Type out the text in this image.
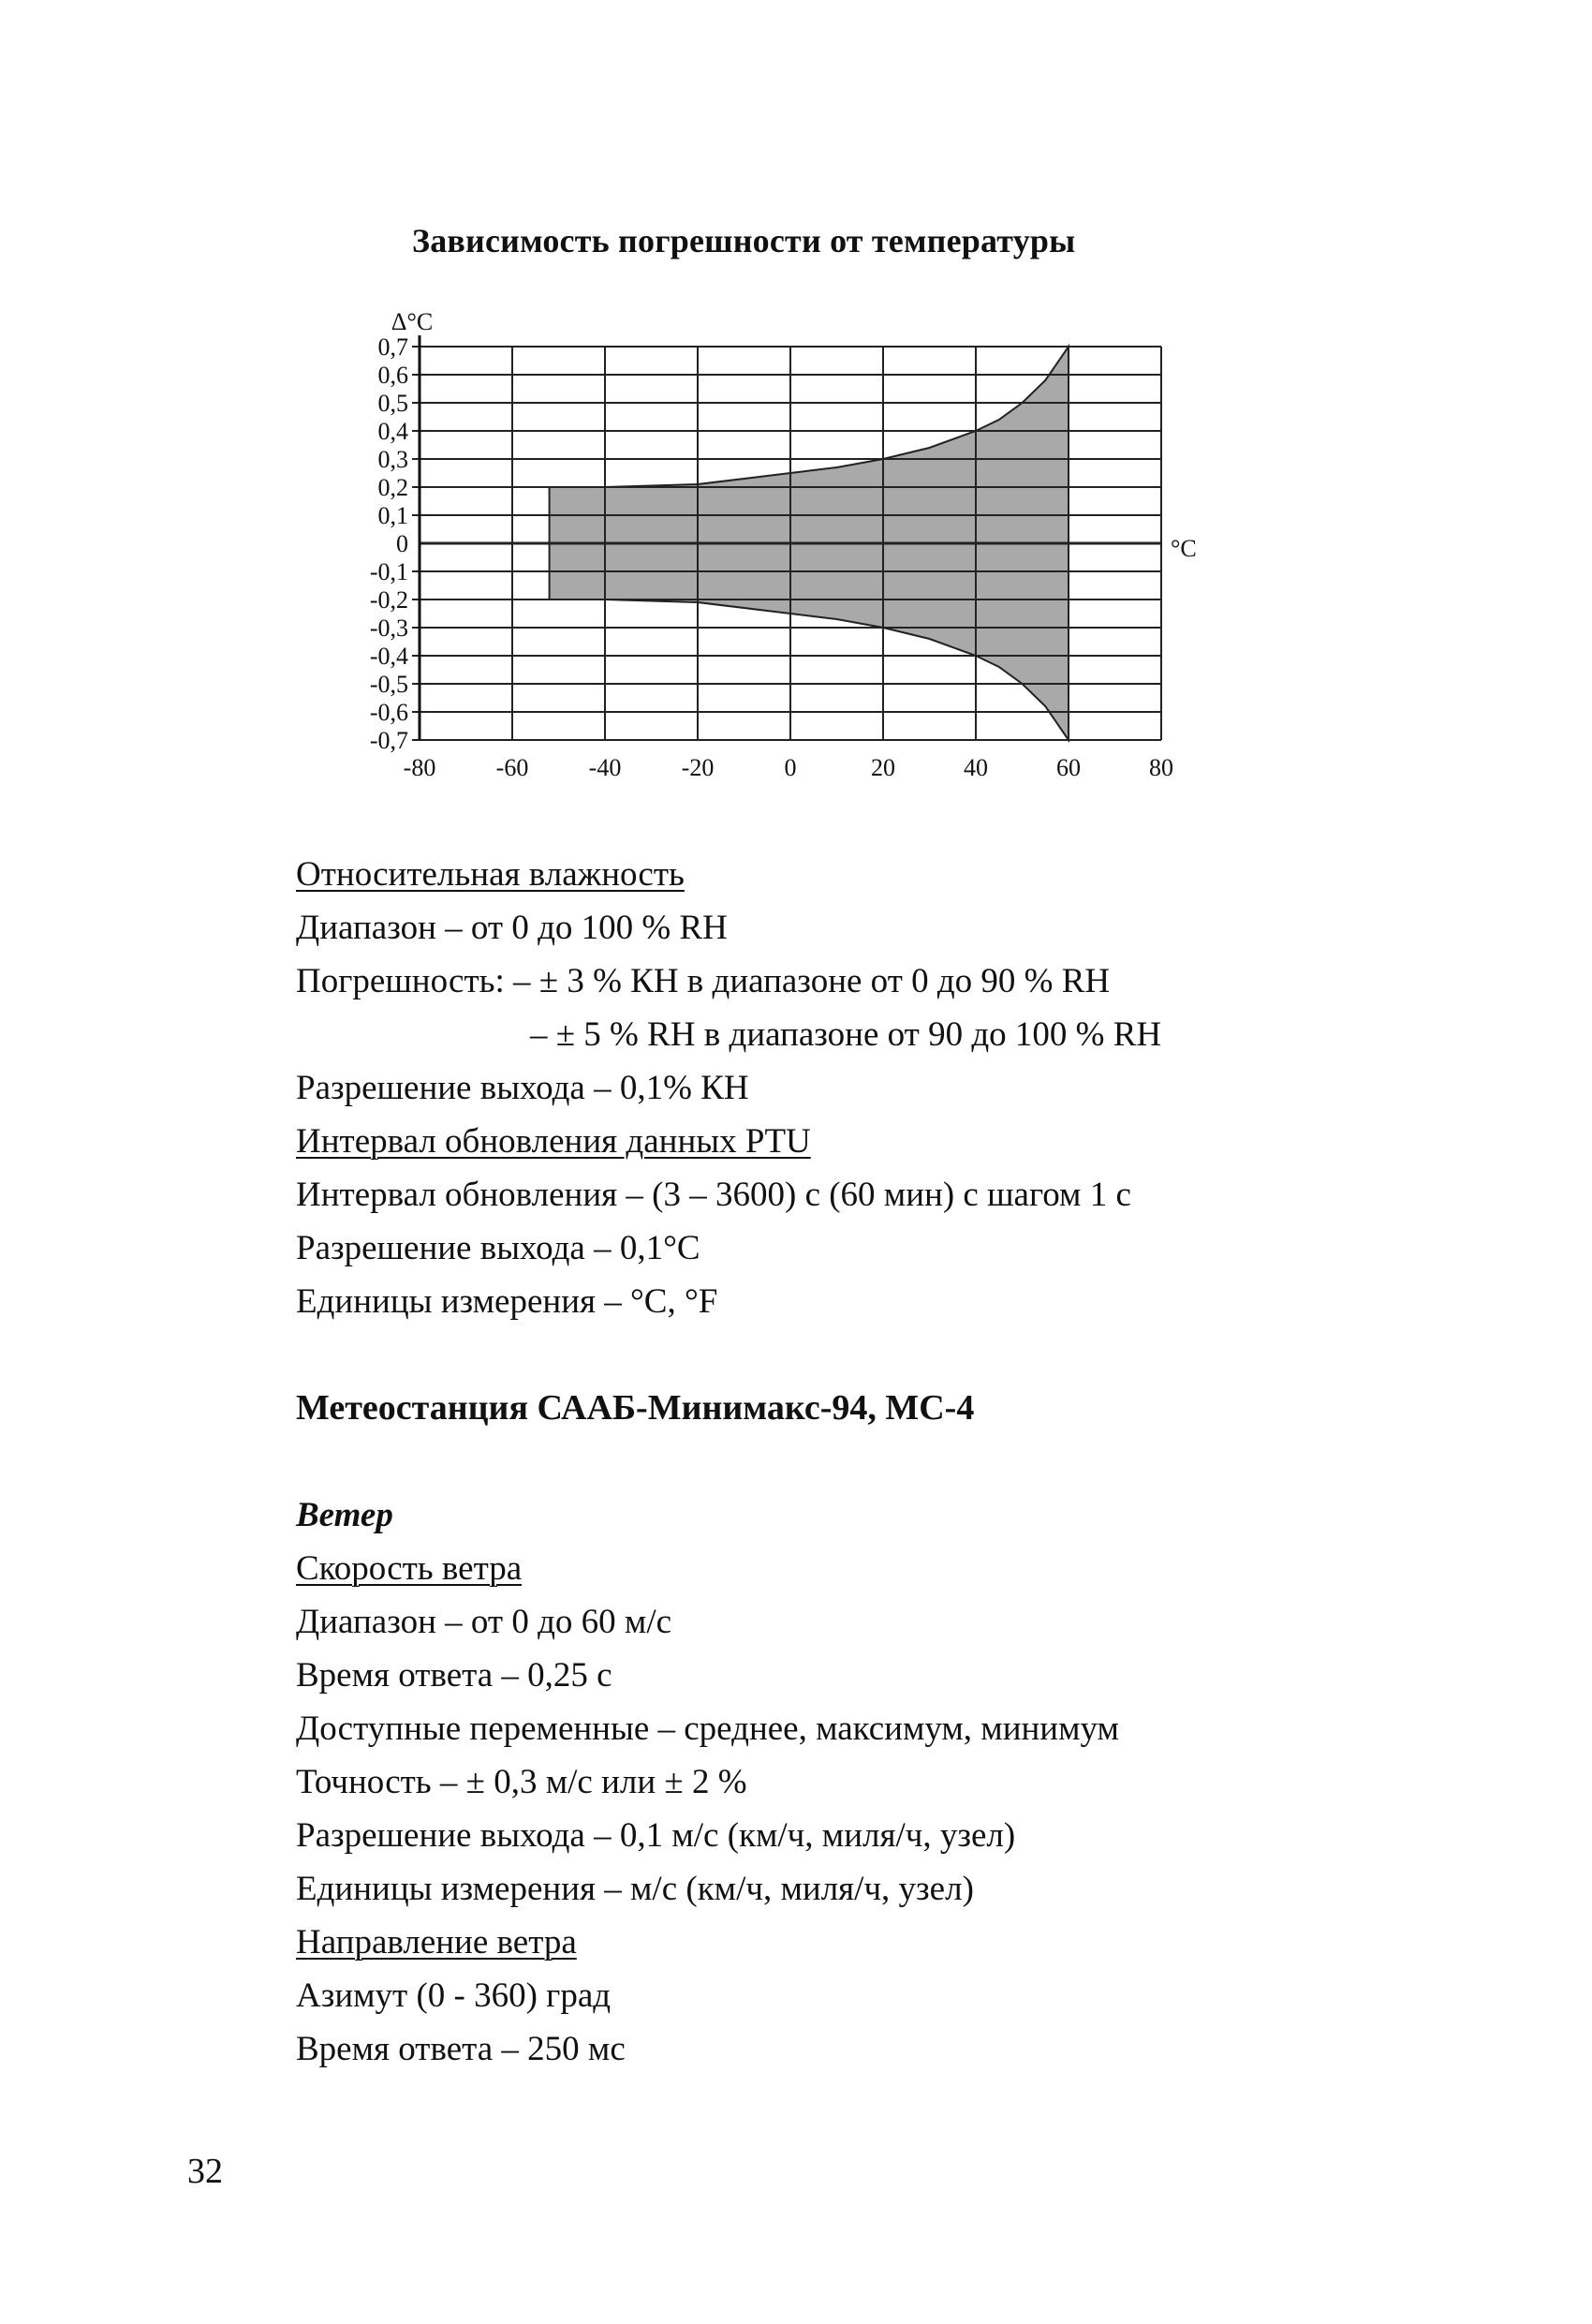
Зависимость погрешности от температуры
-80 -60 -40 -20	0	20	40	60	80
0,7
0,6
0,5
0,4
0,3
0,2
0,1
0
-0,1
-0,2
-0,3
-0,4
-0,5
-0,6
-0,7
Δ°C
°C
Относительная влажность
Диапазон – от 0 до 100 % RH
Погрешность: – ± 3 % КН в диапазоне от 0 до 90 % RH
– ± 5 % RH в диапазоне от 90 до 100 % RH
Разрешение выхода – 0,1% КН
Интервал обновления данных PTU
Интервал обновления – (3 – 3600) с (60 мин) с шагом 1 с
Разрешение выхода – 0,1°С
Единицы измерения – °С, °F
Метеостанция СААБ-Минимакс-94, МС-4
Ветер
Скорость ветра
Диапазон – от 0 до 60 м/с
Время ответа – 0,25 с
Доступные переменные – среднее, максимум, минимум
Точность – ± 0,3 м/с или ± 2 %
Разрешение выхода – 0,1 м/с (км/ч, миля/ч, узел)
Единицы измерения – м/с (км/ч, миля/ч, узел)
Направление ветра
Азимут (0 - 360) град
Время ответа – 250 мс
32
